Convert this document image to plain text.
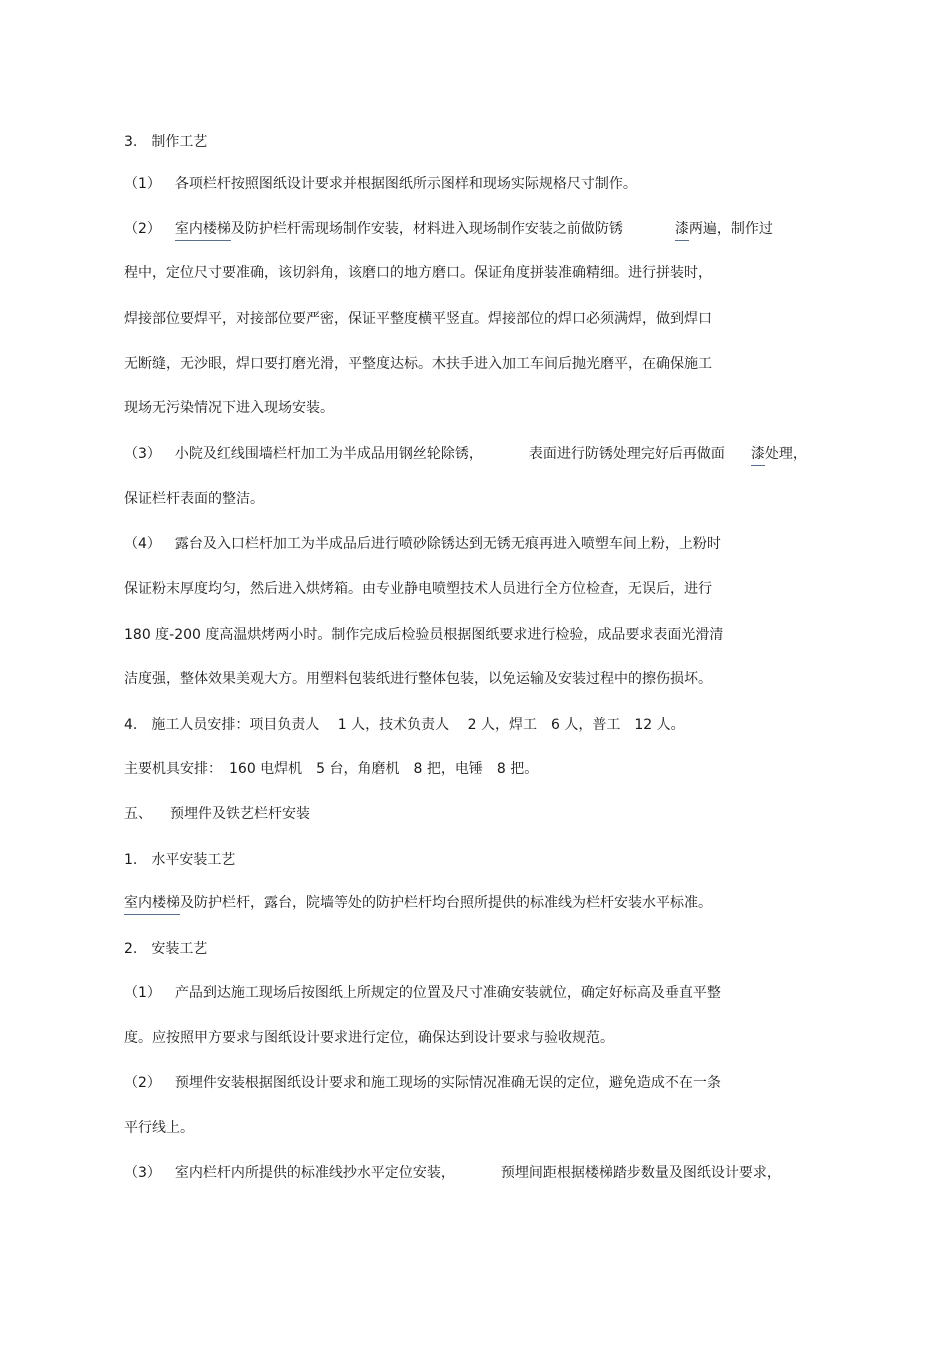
3. 制作工艺
（1） 各项栏杆按照图纸设计要求并根据图纸所示图样和现场实际规格尺寸制作。
（2） 室内楼梯及防护栏杆需现场制作安装，材料进入现场制作安装之前做防锈	漆两遍，制作过
程中，定位尺寸要准确，该切斜角，该磨口的地方磨口。保证角度拼装准确精细。进行拼装时，
焊接部位要焊平，对接部位要严密，保证平整度横平竖直。焊接部位的焊口必须满焊，做到焊口
无断缝，无沙眼，焊口要打磨光滑，平整度达标。木扶手进入加工车间后抛光磨平，在确保施工
现场无污染情况下进入现场安装。
（3） 小院及红线围墙栏杆加工为半成品用钢丝轮除锈，	表面进行防锈处理完好后再做面 漆处理，
保证栏杆表面的整洁。
（4） 露台及入口栏杆加工为半成品后进行喷砂除锈达到无锈无痕再进入喷塑车间上粉，上粉时
保证粉末厚度均匀，然后进入烘烤箱。由专业静电喷塑技术人员进行全方位检查，无误后，进行
180 度-200 度高温烘烤两小时。制作完成后检验员根据图纸要求进行检验，成品要求表面光滑清
洁度强，整体效果美观大方。用塑料包装纸进行整体包装，以免运输及安装过程中的擦伤损坏。
4. 施工人员安排：项目负责人　 1 人，技术负责人　 2 人，焊工　6 人，普工　12 人。
主要机具安排：　160 电焊机　5 台，角磨机　8 把，电锤　8 把。
五、 预埋件及铁艺栏杆安装
1. 水平安装工艺
室内楼梯及防护栏杆，露台，院墙等处的防护栏杆均台照所提供的标准线为栏杆安装水平标准。
2. 安装工艺
（1） 产品到达施工现场后按图纸上所规定的位置及尺寸准确安装就位，确定好标高及垂直平整
度。应按照甲方要求与图纸设计要求进行定位，确保达到设计要求与验收规范。
（2） 预埋件安装根据图纸设计要求和施工现场的实际情况准确无误的定位，避免造成不在一条
平行线上。
（3） 室内栏杆内所提供的标准线抄水平定位安装，	预埋间距根据楼梯踏步数量及图纸设计要求，
